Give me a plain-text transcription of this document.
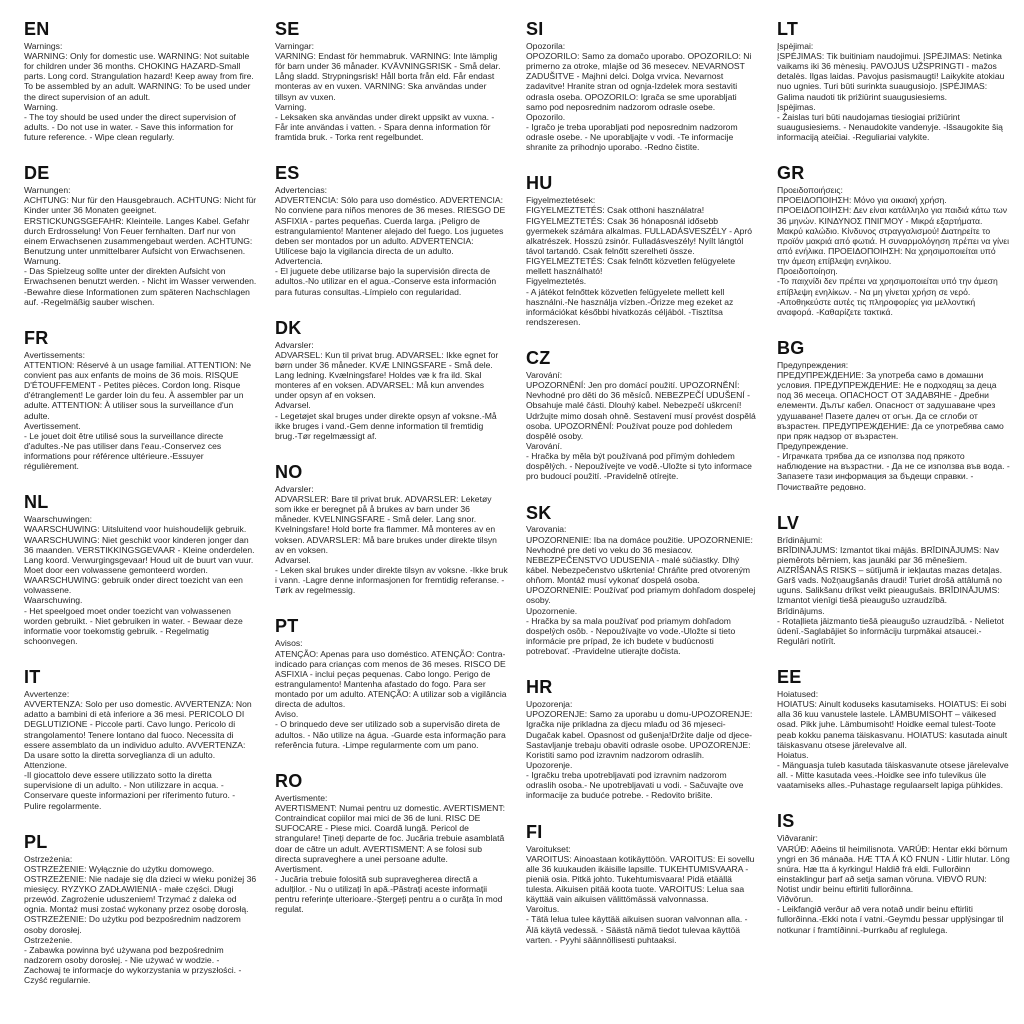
EN
Warnings:
WARNING: Only for domestic use. WARNING: Not suitable for children under 36 months. CHOKING HAZARD-Small parts. Long cord. Strangulation hazard! Keep away from fire. To be assembled by an adult. WARNING: To be used under the direct supervision of an adult.
Warning.
- The toy should be used under the direct supervision of adults. - Do not use in water. - Save this information for future reference. - Wipe clean regularly.
DE
Warnungen:
ACHTUNG: Nur für den Hausgebrauch. ACHTUNG: Nicht für Kinder unter 36 Monaten geeignet. ERSTICKUNGSGEFAHR: Kleinteile. Langes Kabel. Gefahr durch Erdrosselung! Von Feuer fernhalten. Darf nur von einem Erwachsenen zusammengebaut werden. ACHTUNG: Benutzung unter unmittelbarer Aufsicht von Erwachsenen.
Warnung.
- Das Spielzeug sollte unter der direkten Aufsicht von Erwachsenen benutzt werden. - Nicht im Wasser verwenden. -Bewahre diese Informationen zum späteren Nachschlagen auf. -Regelmäßig sauber wischen.
FR
Avertissements:
ATTENTION: Réservé à un usage familial. ATTENTION: Ne convient pas aux enfants de moins de 36 mois. RISQUE D'ÉTOUFFEMENT - Petites pièces. Cordon long. Risque d'étranglement! Le garder loin du feu. À assembler par un adulte. ATTENTION: À utiliser sous la surveillance d'un adulte.
Avertissement.
- Le jouet doit être utilisé sous la surveillance directe d'adultes.-Ne pas utiliser dans l'eau.-Conservez ces informations pour référence ultérieure.-Essuyer régulièrement.
NL
Waarschuwingen:
WAARSCHUWING: Uitsluitend voor huishoudelijk gebruik. WAARSCHUWING: Niet geschikt voor kinderen jonger dan 36 maanden. VERSTIKKINGSGEVAAR - Kleine onderdelen. Lang koord. Verwurgingsgevaar! Houd uit de buurt van vuur. Moet door een volwassene gemonteerd worden. WAARSCHUWING: gebruik onder direct toezicht van een volwassene.
Waarschuwing.
- Het speelgoed moet onder toezicht van volwassenen worden gebruikt. - Niet gebruiken in water. - Bewaar deze informatie voor toekomstig gebruik. - Regelmatig schoonvegen.
IT
Avvertenze:
AVVERTENZA: Solo per uso domestic. AVVERTENZA: Non adatto a bambini di età inferiore a 36 mesi. PERICOLO DI DEGLUTIZIONE - Piccole parti. Cavo lungo. Pericolo di strangolamento! Tenere lontano dal fuoco. Necessita di essere assemblato da un individuo adulto. AVVERTENZA: Da usare sotto la diretta sorveglianza di un adulto.
Attenzione.
-Il giocattolo deve essere utilizzato sotto la diretta supervisione di un adulto. - Non utilizzare in acqua. -Conservare queste informazioni per riferimento futuro. -Pulire regolarmente.
PL
Ostrzeżenia:
OSTRZEŻENIE: Wyłącznie do użytku domowego. OSTRZEŻENIE: Nie nadaje się dla dzieci w wieku poniżej 36 miesięcy. RYZYKO ZADŁAWIENIA - małe części. Długi przewód. Zagrożenie uduszeniem! Trzymać z daleka od ognia. Montaż musi zostać wykonany przez osobę dorosłą. OSTRZEŻENIE: Do użytku pod bezpośrednim nadzorem osoby dorosłej.
Ostrzeżenie.
- Zabawka powinna być używana pod bezpośrednim nadzorem osoby dorosłej. - Nie używać w wodzie. - Zachowaj te informacje do wykorzystania w przyszłości. - Czyść regularnie.
SE
Varningar:
VARNING: Endast för hemmabruk. VARNING: Inte lämplig för barn under 36 månader. KVÄVNINGSRISK - Små delar. Lång sladd. Strypningsrisk! Håll borta från eld. Får endast monteras av en vuxen. VARNING: Ska användas under tillsyn av vuxen.
Varning.
- Leksaken ska användas under direkt uppsikt av vuxna. - Får inte användas i vatten. - Spara denna information för framtida bruk. - Torka rent regelbundet.
ES
Advertencias:
ADVERTENCIA: Sólo para uso doméstico. ADVERTENCIA: No conviene para niños menores de 36 meses. RIESGO DE ASFIXIA - partes pequeñas. Cuerda larga. ¡Peligro de estrangulamiento! Mantener alejado del fuego. Los juguetes deben ser montados por un adulto. ADVERTENCIA: Utilícese bajo la vigilancia directa de un adulto.
Advertencia.
- El juguete debe utilizarse bajo la supervisión directa de adultos.-No utilizar en el agua.-Conserve esta información para futuras consultas.-Límpielo con regularidad.
DK
Advarsler:
ADVARSEL: Kun til privat brug. ADVARSEL: Ikke egnet for børn under 36 måneder. KVÆ LNINGSFARE - Små dele. Lang ledning. Kvælningsfare! Holdes væ k fra ild. Skal monteres af en voksen. ADVARSEL: Må kun anvendes under opsyn af en voksen.
Advarsel.
- Legetøjet skal bruges under direkte opsyn af voksne.-Må ikke bruges i vand.-Gem denne information til fremtidig brug.-Tør regelmæssigt af.
NO
Advarsler:
ADVARSLER: Bare til privat bruk. ADVARSLER: Leketøy som ikke er beregnet på å brukes av barn under 36 måneder. KVELNINGSFARE - Små deler. Lang snor. Kvelningsfare! Hold borte fra flammer. Må monteres av en voksen. ADVARSLER: Må bare brukes under direkte tilsyn av en voksen.
Advarsel.
- Leken skal brukes under direkte tilsyn av voksne. -Ikke bruk i vann. -Lagre denne informasjonen for fremtidig referanse. -Tørk av regelmessig.
PT
Avisos:
ATENÇÃO: Apenas para uso doméstico. ATENÇÃO: Contra-indicado para crianças com menos de 36 meses. RISCO DE ASFIXIA - inclui peças pequenas. Cabo longo. Perigo de estrangulamento! Mantenha afastado do fogo. Para ser montado por um adulto. ATENÇÃO: A utilizar sob a vigilância directa de adultos.
Aviso.
- O brinquedo deve ser utilizado sob a supervisão direta de adultos. - Não utilize na água. -Guarde esta informação para referência futura. -Limpe regularmente com um pano.
RO
Avertismente:
AVERTISMENT: Numai pentru uz domestic. AVERTISMENT: Contraindicat copiilor mai mici de 36 de luni. RISC DE SUFOCARE - Piese mici. Coardă lungă. Pericol de strangulare! Țineți departe de foc. Jucăria trebuie asamblată doar de către un adult. AVERTISMENT: A se folosi sub directa supraveghere a unei persoane adulte.
Avertisment.
- Jucăria trebuie folosită sub supravegherea directă a adulților. - Nu o utilizați în apă.-Păstrați aceste informații pentru referințe ulterioare.-Ștergeți pentru a o curăța în mod regulat.
SI
Opozorila:
OPOZORILO: Samo za domačo uporabo. OPOZORILO: Ni primerno za otroke, mlajše od 36 mesecev. NEVARNOST ZADUŠITVE - Majhni delci. Dolga vrvica. Nevarnost zadavitve! Hranite stran od ognja-Izdelek mora sestaviti odrasla oseba. OPOZORILO: Igrača se sme uporabljati samo pod neposrednim nadzorom odrasle osebe.
Opozorilo.
- Igračo je treba uporabljati pod neposrednim nadzorom odrasle osebe. - Ne uporabljajte v vodi. -Te informacije shranite za prihodnjo uporabo. -Redno čistite.
HU
Figyelmeztetések:
FIGYELMEZTETÉS: Csak otthoni használatra! FIGYELMEZTETÉS: Csak 36 hónaposnál idősebb gyermekek számára alkalmas. FULLADÁSVESZÉLY - Apró alkatrészek. Hosszú zsinór. Fulladásveszély! Nyílt lángtól távol tartandó. Csak felnőtt szerelheti össze. FIGYELMEZTETÉS: Csak felnőtt közvetlen felügyelete mellett használható!
Figyelmeztetés.
- A játékot felnőttek közvetlen felügyelete mellett kell használni.-Ne használja vízben.-Őrizze meg ezeket az információkat későbbi hivatkozás céljából. -Tisztítsa rendszeresen.
CZ
Varování:
UPOZORNĚNÍ: Jen pro domácí použití. UPOZORNĚNÍ: Nevhodné pro děti do 36 měsíců. NEBEZPEČÍ UDUŠENÍ - Obsahuje malé části. Dlouhý kabel. Nebezpečí uškrcení! Udržujte mimo dosah ohně. Sestavení musí provést dospělá osoba. UPOZORNĚNÍ: Používat pouze pod dohledem dospělé osoby.
Varování.
- Hračka by měla být používaná pod přímým dohledem dospělých. - Nepoužívejte ve vodě.-Uložte si tyto informace pro budoucí použití. -Pravidelně otírejte.
SK
Varovania:
UPOZORNENIE: Iba na domáce použitie. UPOZORNENIE: Nevhodné pre deti vo veku do 36 mesiacov. NEBEZPEČENSTVO UDUSENIA - malé súčiastky. Dlhý kábel. Nebezpečenstvo uškrtenia! Chráňte pred otvoreným ohňom. Montáž musí vykonať dospelá osoba. UPOZORNENIE: Používať pod priamym dohľadom dospelej osoby.
Upozornenie.
- Hračka by sa mala používať pod priamym dohľadom dospelých osôb. - Nepoužívajte vo vode.-Uložte si tieto informácie pre prípad, že ich budete v budúcnosti potrebovať. -Pravidelne utierajte dočista.
HR
Upozorenja:
UPOZORENJE: Samo za uporabu u domu-UPOZORENJE: Igračka nije prikladna za djecu mlađu od 36 mjeseci-Dugačak kabel. Opasnost od gušenja!Držite dalje od djece-Sastavljanje trebaju obaviti odrasle osobe. UPOZORENJE: Koristiti samo pod izravnim nadzorom odraslih.
Upozorenje.
- Igračku treba upotrebljavati pod izravnim nadzorom odraslih osoba.- Ne upotrebljavati u vodi. - Sačuvajte ove informacije za buduće potrebe. - Redovito brišite.
FI
Varoitukset:
VAROITUS: Ainoastaan kotikäyttöön. VAROITUS: Ei sovellu alle 36 kuukauden ikäisille lapsille. TUKEHTUMISVAARA - pieniä osia. Pitkä johto. Tukehtumisvaara! Pidä etäällä tulesta. Aikuisen pitää koota tuote. VAROITUS: Lelua saa käyttää vain aikuisen välittömässä valvonnassa.
Varoitus.
- Tätä lelua tulee käyttää aikuisen suoran valvonnan alla. - Älä käytä vedessä. - Säästä nämä tiedot tulevaa käyttöä varten. - Pyyhi säännöllisesti puhtaaksi.
LT
Įspėjimai:
ĮSPĖJIMAS: Tik buitiniam naudojimui. ĮSPĖJIMAS: Netinka vaikams iki 36 mėnesių. PAVOJUS UŽSPRINGTI - mažos detalės. Ilgas laidas. Pavojus pasismaugti! Laikykite atokiau nuo ugnies. Turi būti surinkta suaugusiojo. ĮSPĖJIMAS: Galima naudoti tik prižiūrint suaugusiesiems.
Įspėjimas.
- Žaislas turi būti naudojamas tiesiogiai prižiūrint suaugusiesiems. - Nenaudokite vandenyje. -Išsaugokite šią informaciją ateičiai. -Reguliariai valykite.
GR
Προειδοποιήσεις:
ΠΡΟΕΙΔΟΠΟΙΗΣΗ: Μόνο για οικιακή χρήση. ΠΡΟΕΙΔΟΠΟΙΗΣΗ: Δεν είναι κατάλληλο για παιδιά κάτω των 36 μηνών. ΚΙΝΔΥΝΟΣ ΠΝΙΓΜΟΥ - Μικρά εξαρτήματα. Μακρύ καλώδιο. Κίνδυνος στραγγαλισμού! Διατηρείτε το προϊόν μακριά από φωτιά. Η συναρμολόγηση πρέπει να γίνει από ενήλικα. ΠΡΟΕΙΔΟΠΟΙΗΣΗ: Να χρησιμοποιείται υπό την άμεση επίβλεψη ενηλίκου.
Προειδοποίηση.
-Το παιχνίδι δεν πρέπει να χρησιμοποιείται υπό την άμεση επίβλεψη ενηλίκων. - Να μη γίνεται χρήση σε νερό. -Αποθηκεύστε αυτές τις πληροφορίες για μελλοντική αναφορά. -Καθαρίζετε τακτικά.
BG
Предупреждения:
ПРЕДУПРЕЖДЕНИЕ: За употреба само в домашни условия. ПРЕДУПРЕЖДЕНИЕ: Не е подходящ за деца под 36 месеца. ОПАСНОСТ ОТ ЗАДАВЯНЕ - Дребни елементи. Дълъг кабел. Опасност от задушаване чрез удушаване! Пазете далеч от огън. Да се сглоби от възрастен. ПРЕДУПРЕЖДЕНИЕ: Да се употребява само при пряк надзор от възрастен.
Предупреждение.
- Играчката трябва да се използва под прякото наблюдение на възрастни. - Да не се използва във вода. - Запазете тази информация за бъдещи справки. - Почиствайте редовно.
LV
Brīdinājumi:
BRĪDINĀJUMS: Izmantot tikai mājās. BRĪDINĀJUMS: Nav piemērots bērniem, kas jaunāki par 36 mēnešiem. AIZRĪŠANĀS RISKS – sūtījumā ir iekļautas mazas detaļas. Garš vads. Nožņaugšanās draudi! Turiet drošā attālumā no uguns. Salikšanu drīkst veikt pieaugušais. BRĪDINĀJUMS: Izmantot vienīgi tiešā pieaugušo uzraudzībā.
Brīdinājums.
- Rotaļlieta jāizmanto tiešā pieaugušo uzraudzībā. - Nelietot ūdenī.-Saglabājiet šo informāciju turpmākai atsaucei.-Regulāri notīrīt.
EE
Hoiatused:
HOIATUS: Ainult koduseks kasutamiseks. HOIATUS: Ei sobi alla 36 kuu vanustele lastele. LÄMBUMISOHT – väikesed osad. Pikk juhe. Lämbumisoht! Hoidke eemal tulest-Toote peab kokku panema täiskasvanu. HOIATUS: kasutada ainult täiskasvanu otsese järelevalve all.
Hoiatus.
- Mänguasja tuleb kasutada täiskasvanute otsese järelevalve all. - Mitte kasutada vees.-Hoidke see info tulevikus üle vaatamiseks alles.-Puhastage regulaarselt lapiga pühkides.
IS
Viðvaranir:
VARÚÐ: Aðeins til heimilisnota. VARÚÐ: Hentar ekki börnum yngri en 36 mánaða. HÆ TTA Á KÖ FNUN - Litlir hlutar. Löng snúra. Hæ tta á kyrkingu! Haldið frá eldi. Fullorðinn einstaklingur þarf að setja saman vöruna. VIÐVÖ RUN: Notist undir beinu eftirliti fullorðinna.
Viðvörun.
- Leikfangið verður að vera notað undir beinu eftirliti fullorðinna.-Ekki nota í vatni.-Geymdu þessar upplýsingar til notkunar í framtíðinni.-Þurrkaðu af reglulega.
